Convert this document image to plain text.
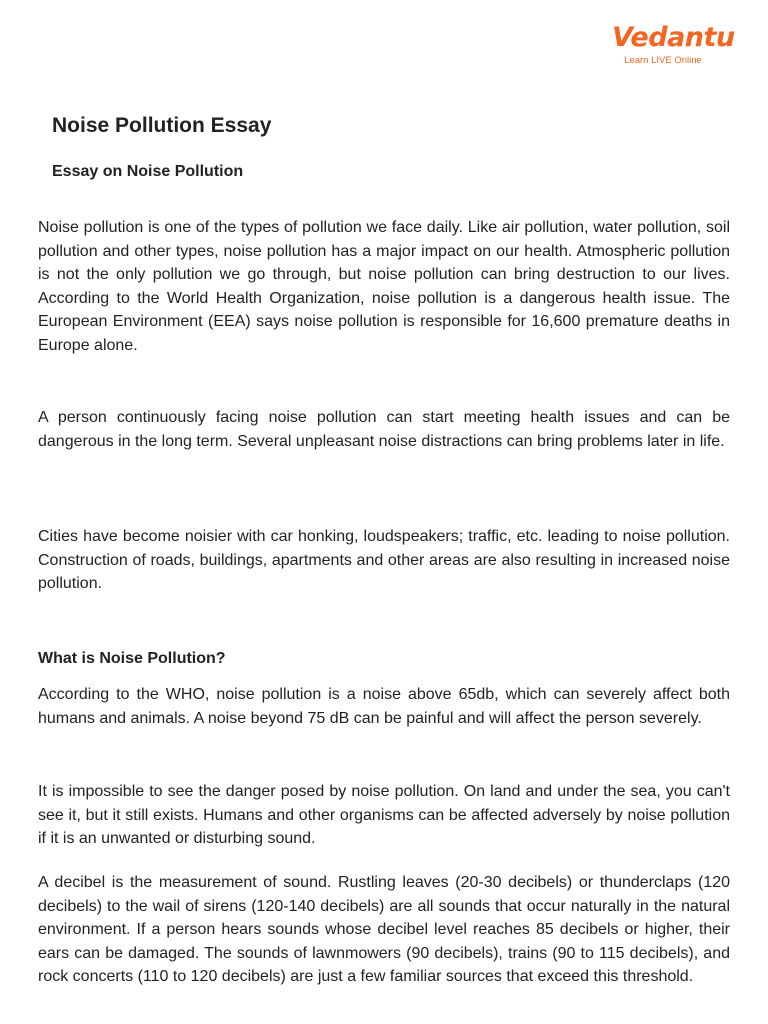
Vedantu
Learn LIVE Online
Noise Pollution Essay
Essay on Noise Pollution

Noise pollution is one of the types of pollution we face daily. Like air pollution, water pollution, soil pollution and other types, noise pollution has a major impact on our health. Atmospheric pollution is not the only pollution we go through, but noise pollution can bring destruction to our lives. According to the World Health Organization, noise pollution is a dangerous health issue. The European Environment (EEA) says noise pollution is responsible for 16,600 premature deaths in Europe alone.

A person continuously facing noise pollution can start meeting health issues and can be dangerous in the long term. Several unpleasant noise distractions can bring problems later in life.

Cities have become noisier with car honking, loudspeakers; traffic, etc. leading to noise pollution. Construction of roads, buildings, apartments and other areas are also resulting in increased noise pollution.

What is Noise Pollution?

According to the WHO, noise pollution is a noise above 65db, which can severely affect both humans and animals. A noise beyond 75 dB can be painful and will affect the person severely.

It is impossible to see the danger posed by noise pollution. On land and under the sea, you can't see it, but it still exists. Humans and other organisms can be affected adversely by noise pollution if it is an unwanted or disturbing sound.

A decibel is the measurement of sound. Rustling leaves (20-30 decibels) or thunderclaps (120 decibels) to the wail of sirens (120-140 decibels) are all sounds that occur naturally in the natural environment. If a person hears sounds whose decibel level reaches 85 decibels or higher, their ears can be damaged. The sounds of lawnmowers (90 decibels), trains (90 to 115 decibels), and rock concerts (110 to 120 decibels) are just a few familiar sources that exceed this threshold.
